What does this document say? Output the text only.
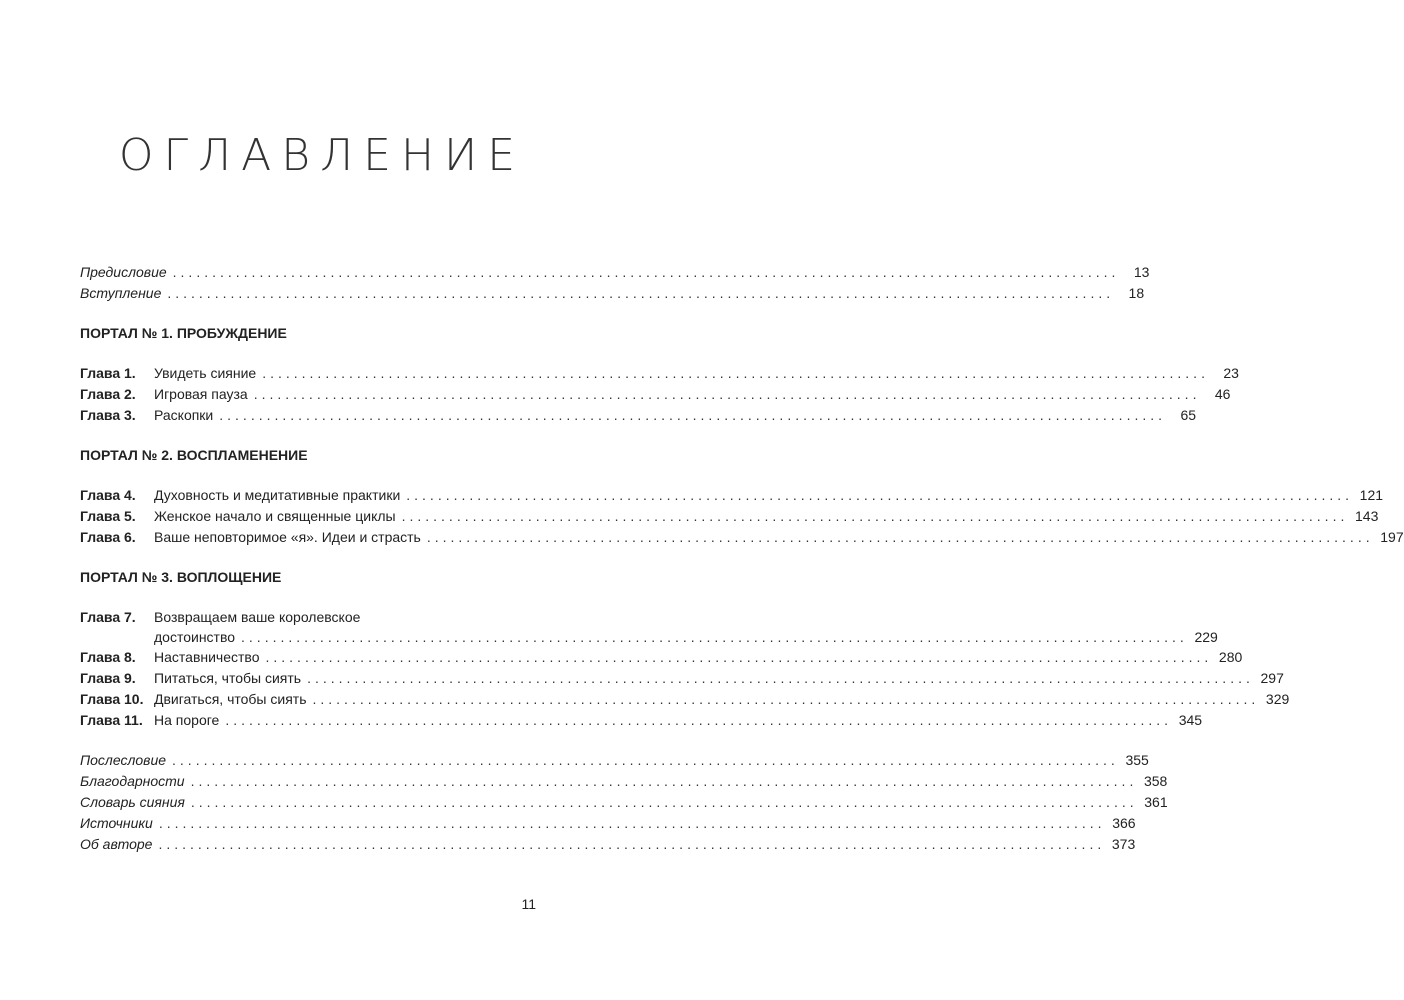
ОГЛАВЛЕНИЕ
Предисловие ........................................................................................................................	13
Вступление ........................................................................................................................	18
ПОРТАЛ № 1. ПРОБУЖДЕНИЕ
Глава 1.	Увидеть сияние ........................................................................................................................	23
Глава 2.	Игровая пауза ........................................................................................................................	46
Глава 3.	Раскопки ........................................................................................................................	65
ПОРТАЛ № 2. ВОСПЛАМЕНЕНИЕ
Глава 4.	Духовность и медитативные практики ........................................................................................................................ 121
Глава 5.	Женское начало и священные циклы ........................................................................................................................ 143
Глава 6.	Ваше неповторимое «я». Идеи и страсть ........................................................................................................................ 197
ПОРТАЛ № 3. ВОПЛОЩЕНИЕ
Глава 7.	Возвращаем ваше королевское
достоинство ........................................................................................................................ 229
Глава 8.	Наставничество ........................................................................................................................ 280
Глава 9.	Питаться, чтобы сиять ........................................................................................................................ 297
Глава 10. Двигаться, чтобы сиять ........................................................................................................................ 329
Глава 11. На пороге ........................................................................................................................ 345
Послесловие ........................................................................................................................ 355
Благодарности ........................................................................................................................ 358
Словарь сияния ........................................................................................................................ 361
Источники ........................................................................................................................ 366
Об авторе ........................................................................................................................ 373
11
